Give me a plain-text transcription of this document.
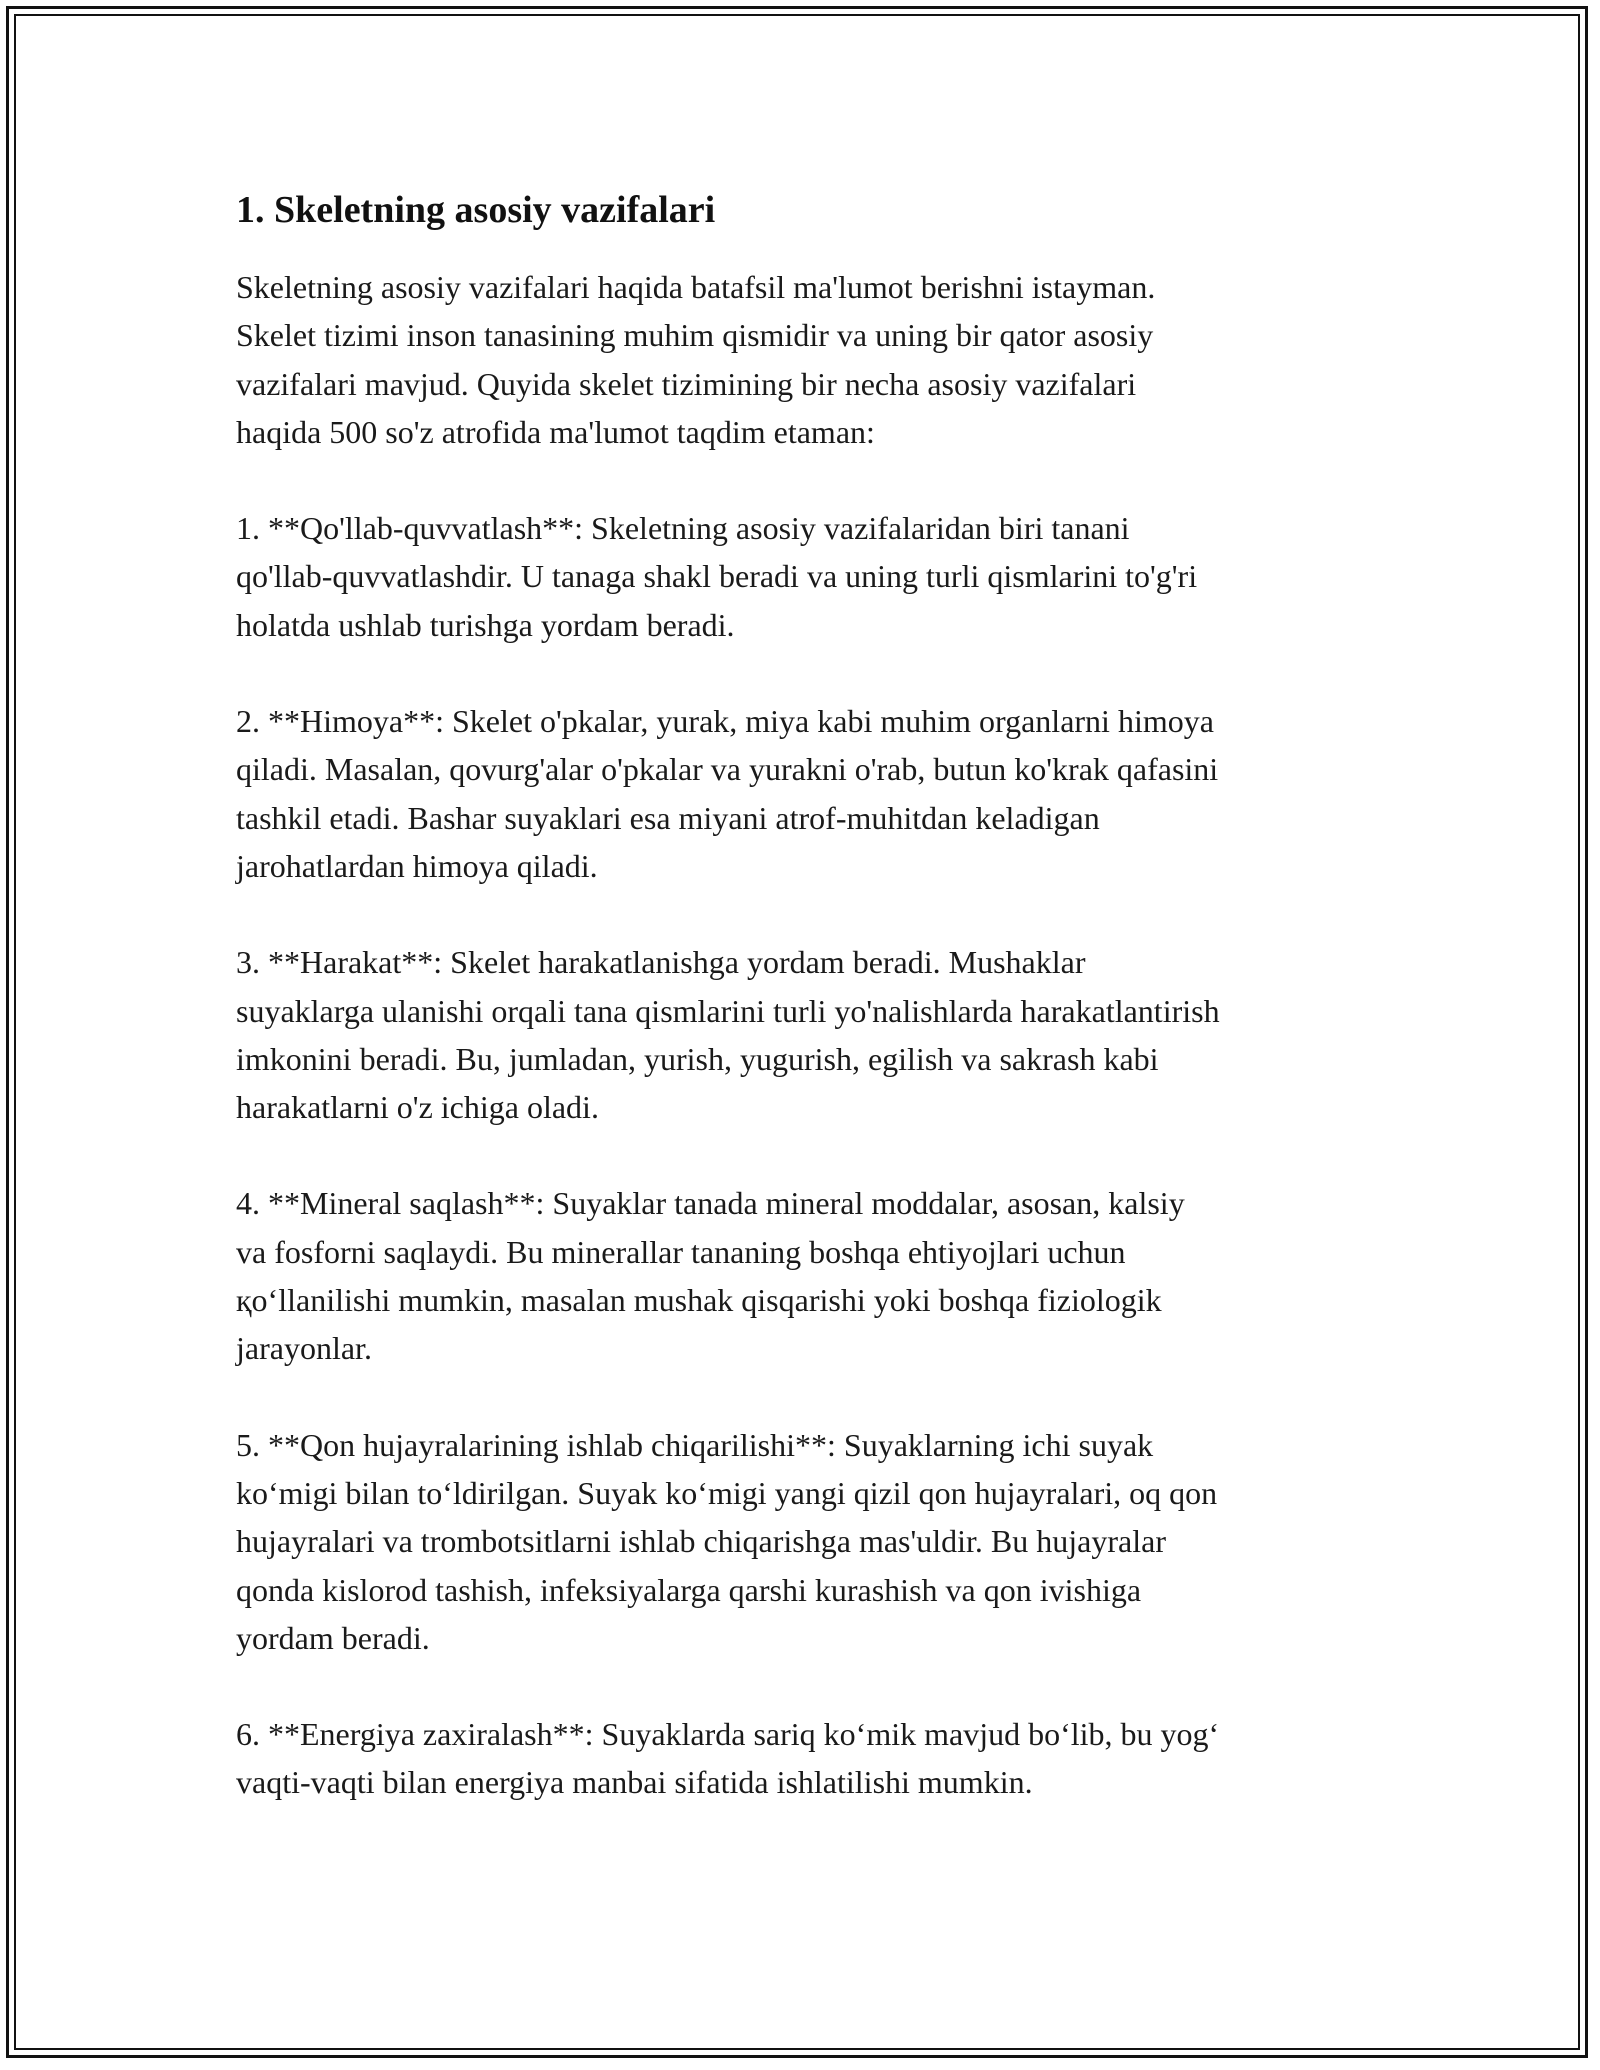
1. Skeletning asosiy vazifalari

Skeletning asosiy vazifalari haqida batafsil ma'lumot berishni istayman.
Skelet tizimi inson tanasining muhim qismidir va uning bir qator asosiy
vazifalari mavjud. Quyida skelet tizimining bir necha asosiy vazifalari
haqida 500 so'z atrofida ma'lumot taqdim etaman:

1. **Qo'llab-quvvatlash**: Skeletning asosiy vazifalaridan biri tanani
qo'llab-quvvatlashdir. U tanaga shakl beradi va uning turli qismlarini to'g'ri
holatda ushlab turishga yordam beradi.

2. **Himoya**: Skelet o'pkalar, yurak, miya kabi muhim organlarni himoya
qiladi. Masalan, qovurg'alar o'pkalar va yurakni o'rab, butun ko'krak qafasini
tashkil etadi. Bashar suyaklari esa miyani atrof-muhitdan keladigan
jarohatlardan himoya qiladi.

3. **Harakat**: Skelet harakatlanishga yordam beradi. Mushaklar
suyaklarga ulanishi orqali tana qismlarini turli yo'nalishlarda harakatlantirish
imkonini beradi. Bu, jumladan, yurish, yugurish, egilish va sakrash kabi
harakatlarni o'z ichiga oladi.

4. **Mineral saqlash**: Suyaklar tanada mineral moddalar, asosan, kalsiy
va fosforni saqlaydi. Bu minerallar tananing boshqa ehtiyojlari uchun
қo‘llanilishi mumkin, masalan mushak qisqarishi yoki boshqa fiziologik
jarayonlar.

5. **Qon hujayralarining ishlab chiqarilishi**: Suyaklarning ichi suyak
ko‘migi bilan to‘ldirilgan. Suyak ko‘migi yangi qizil qon hujayralari, oq qon
hujayralari va trombotsitlarni ishlab chiqarishga mas'uldir. Bu hujayralar
qonda kislorod tashish, infeksiyalarga qarshi kurashish va qon ivishiga
yordam beradi.

6. **Energiya zaxiralash**: Suyaklarda sariq ko‘mik mavjud bo‘lib, bu yog‘
vaqti-vaqti bilan energiya manbai sifatida ishlatilishi mumkin.
